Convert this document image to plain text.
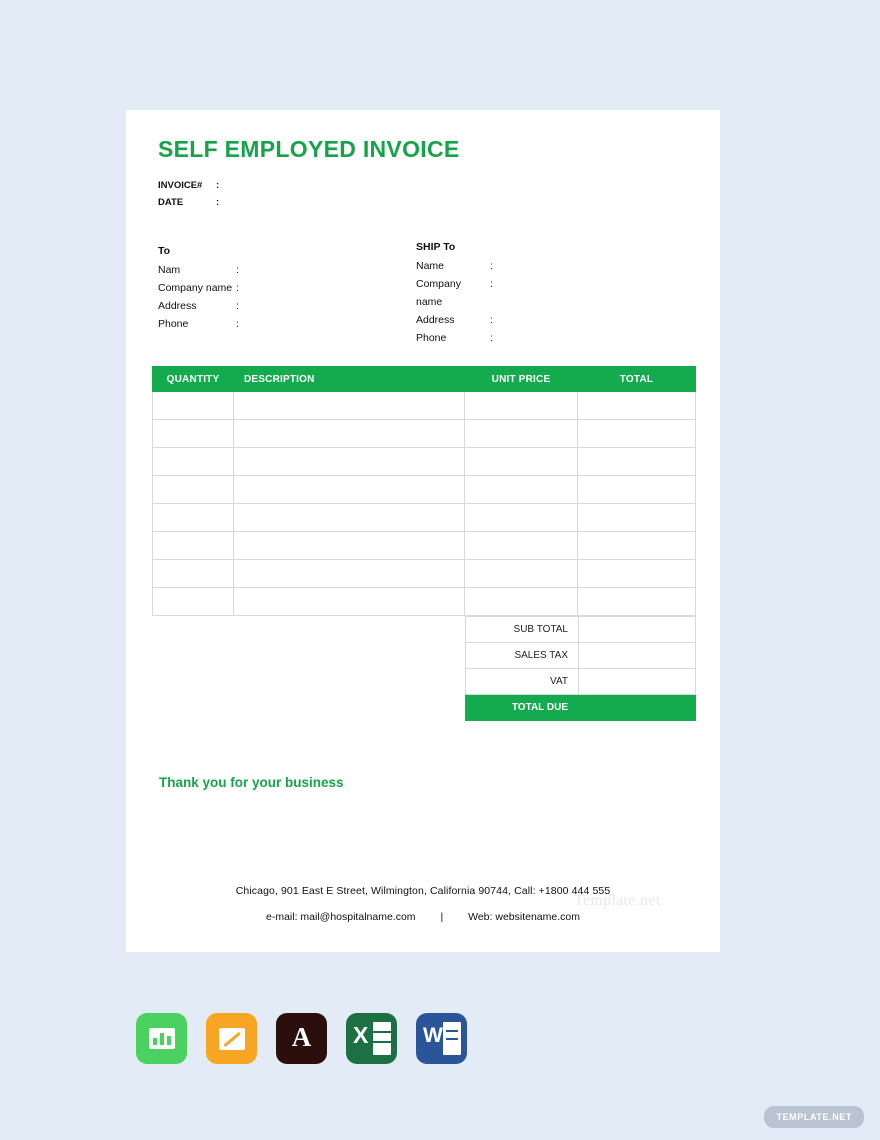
SELF EMPLOYED INVOICE
INVOICE#	:
DATE	:
To
Nam	:
Company name :
Address	:
Phone	:
SHIP To
Name	:
Company name
:
Address	:
Phone	:
QUANTITY	DESCRIPTION	UNIT PRICE	TOTAL

SUB TOTAL	
SALES TAX	
VAT	
TOTAL DUE	
Thank you for your business
Chicago, 901 East E Street, Wilmington, California 90744, Call: +1800 444 555
e-mail: mail@hospitalname.com | Web: websitename.com
Template.net
A X	W
TEMPLATE.NET
